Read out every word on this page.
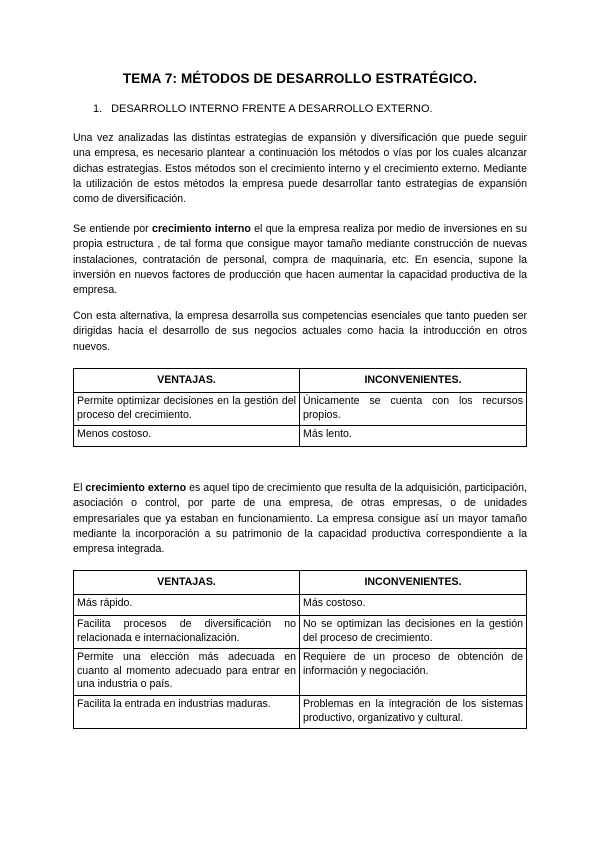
TEMA 7: MÉTODOS DE DESARROLLO ESTRATÉGICO.
1. DESARROLLO INTERNO FRENTE A DESARROLLO EXTERNO.

Una vez analizadas las distintas estrategias de expansión y diversificación que puede seguir una empresa, es necesario plantear a continuación los métodos o vías por los cuales alcanzar dichas estrategias. Estos métodos son el crecimiento interno y el crecimiento externo. Mediante la utilización de estos métodos la empresa puede desarrollar tanto estrategias de expansión como de diversificación.

Se entiende por crecimiento interno el que la empresa realiza por medio de inversiones en su propia estructura , de tal forma que consigue mayor tamaño mediante construcción de nuevas instalaciones, contratación de personal, compra de maquinaria, etc. En esencia, supone la inversión en nuevos factores de producción que hacen aumentar la capacidad productiva de la empresa.

Con esta alternativa, la empresa desarrolla sus competencias esenciales que tanto pueden ser dirigidas hacia el desarrollo de sus negocios actuales como hacia la introducción en otros nuevos.

VENTAJAS.	INCONVENIENTES.
Permite optimizar decisiones en la gestión del proceso del crecimiento.	Únicamente se cuenta con los recursos propios.
Menos costoso.	Más lento.

El crecimiento externo es aquel tipo de crecimiento que resulta de la adquisición, participación, asociación o control, por parte de una empresa, de otras empresas, o de unidades empresariales que ya estaban en funcionamiento. La empresa consigue así un mayor tamaño mediante la incorporación a su patrimonio de la capacidad productiva correspondiente a la empresa integrada.

VENTAJAS.	INCONVENIENTES.
Más rápido.	Más costoso.
Facilita procesos de diversificación no relacionada e internacionalización.	No se optimizan las decisiones en la gestión del proceso de crecimiento.
Permite una elección más adecuada en cuanto al momento adecuado para entrar en una industria o país.	Requiere de un proceso de obtención de información y negociación.
Facilita la entrada en industrias maduras.	Problemas en la integración de los sistemas productivo, organizativo y cultural.
